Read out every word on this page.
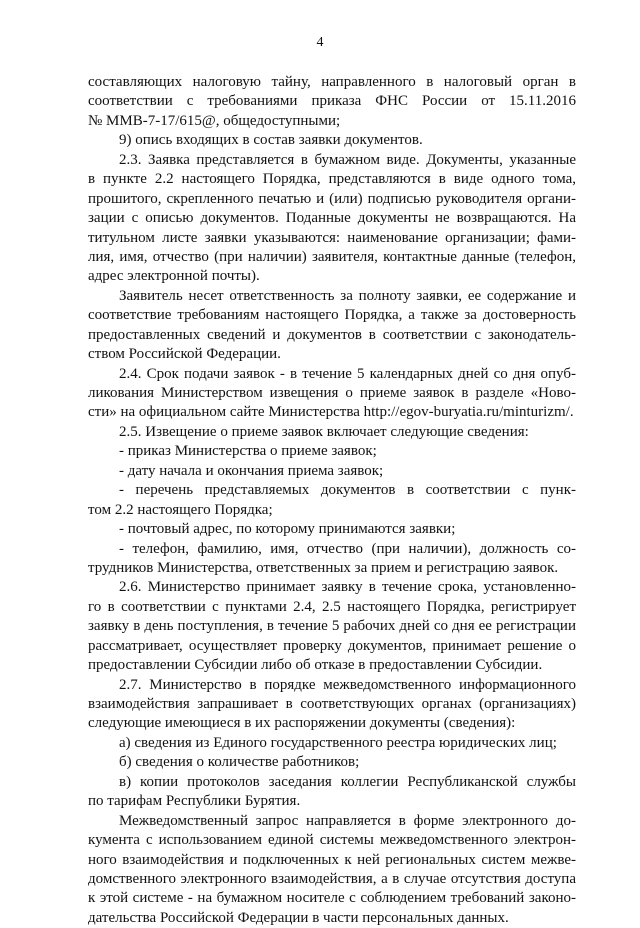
4
составляющих налоговую тайну, направленного в налоговый орган в
соответствии с требованиями приказа ФНС России от 15.11.2016
№ ММВ-7-17/615@, общедоступными;
9) опись входящих в состав заявки документов.
2.3. Заявка представляется в бумажном виде. Документы, указанные
в пункте 2.2 настоящего Порядка, представляются в виде одного тома,
прошитого, скрепленного печатью и (или) подписью руководителя органи-
зации с описью документов. Поданные документы не возвращаются. На
титульном листе заявки указываются: наименование организации; фами-
лия, имя, отчество (при наличии) заявителя, контактные данные (телефон,
адрес электронной почты).
Заявитель несет ответственность за полноту заявки, ее содержание и
соответствие требованиям настоящего Порядка, а также за достоверность
предоставленных сведений и документов в соответствии с законодатель-
ством Российской Федерации.
2.4. Срок подачи заявок - в течение 5 календарных дней со дня опуб-
ликования Министерством извещения о приеме заявок в разделе «Ново-
сти» на официальном сайте Министерства http://egov-buryatia.ru/minturizm/.
2.5. Извещение о приеме заявок включает следующие сведения:
- приказ Министерства о приеме заявок;
- дату начала и окончания приема заявок;
- перечень представляемых документов в соответствии с пунк-
том 2.2 настоящего Порядка;
- почтовый адрес, по которому принимаются заявки;
- телефон, фамилию, имя, отчество (при наличии), должность со-
трудников Министерства, ответственных за прием и регистрацию заявок.
2.6. Министерство принимает заявку в течение срока, установленно-
го в соответствии с пунктами 2.4, 2.5 настоящего Порядка, регистрирует
заявку в день поступления, в течение 5 рабочих дней со дня ее регистрации
рассматривает, осуществляет проверку документов, принимает решение о
предоставлении Субсидии либо об отказе в предоставлении Субсидии.
2.7. Министерство в порядке межведомственного информационного
взаимодействия запрашивает в соответствующих органах (организациях)
следующие имеющиеся в их распоряжении документы (сведения):
а) сведения из Единого государственного реестра юридических лиц;
б) сведения о количестве работников;
в) копии протоколов заседания коллегии Республиканской службы
по тарифам Республики Бурятия.
Межведомственный запрос направляется в форме электронного до-
кумента с использованием единой системы межведомственного электрон-
ного взаимодействия и подключенных к ней региональных систем межве-
домственного электронного взаимодействия, а в случае отсутствия доступа
к этой системе - на бумажном носителе с соблюдением требований законо-
дательства Российской Федерации в части персональных данных.
